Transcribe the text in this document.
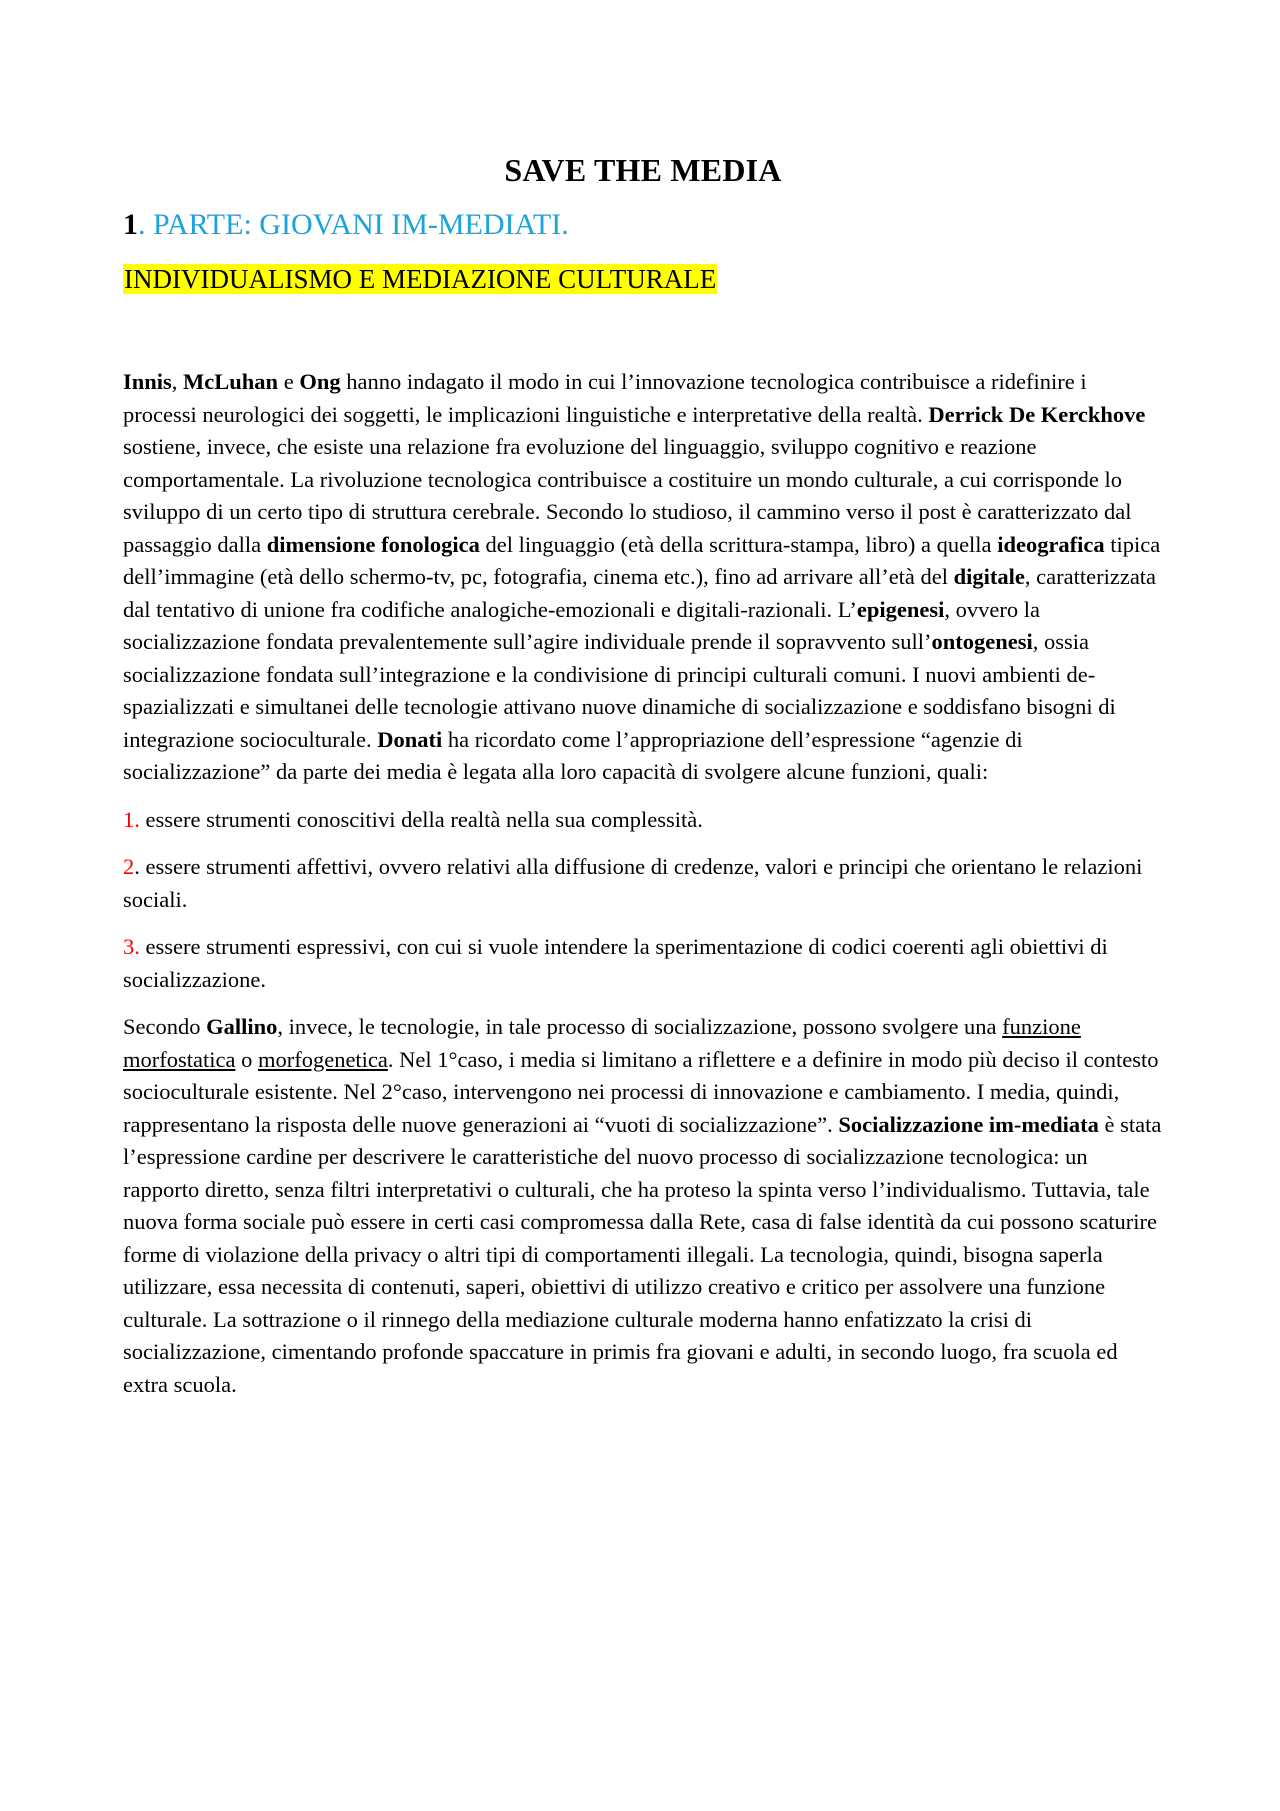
SAVE THE MEDIA
1. PARTE: GIOVANI IM-MEDIATI.
INDIVIDUALISMO E MEDIAZIONE CULTURALE

Innis, McLuhan e Ong hanno indagato il modo in cui l’innovazione tecnologica contribuisce a ridefinire i processi neurologici dei soggetti, le implicazioni linguistiche e interpretative della realtà. Derrick De Kerckhove sostiene, invece, che esiste una relazione fra evoluzione del linguaggio, sviluppo cognitivo e reazione comportamentale. La rivoluzione tecnologica contribuisce a costituire un mondo culturale, a cui corrisponde lo sviluppo di un certo tipo di struttura cerebrale. Secondo lo studioso, il cammino verso il post è caratterizzato dal passaggio dalla dimensione fonologica del linguaggio (età della scrittura-stampa, libro) a quella ideografica tipica dell’immagine (età dello schermo-tv, pc, fotografia, cinema etc.), fino ad arrivare all’età del digitale, caratterizzata dal tentativo di unione fra codifiche analogiche-emozionali e digitali-razionali. L’epigenesi, ovvero la socializzazione fondata prevalentemente sull’agire individuale prende il sopravvento sull’ontogenesi, ossia socializzazione fondata sull’integrazione e la condivisione di principi culturali comuni. I nuovi ambienti de-spazializzati e simultanei delle tecnologie attivano nuove dinamiche di socializzazione e soddisfano bisogni di integrazione socioculturale. Donati ha ricordato come l’appropriazione dell’espressione “agenzie di socializzazione” da parte dei media è legata alla loro capacità di svolgere alcune funzioni, quali:

1. essere strumenti conoscitivi della realtà nella sua complessità.

2. essere strumenti affettivi, ovvero relativi alla diffusione di credenze, valori e principi che orientano le relazioni sociali.

3. essere strumenti espressivi, con cui si vuole intendere la sperimentazione di codici coerenti agli obiettivi di socializzazione.

Secondo Gallino, invece, le tecnologie, in tale processo di socializzazione, possono svolgere una funzione morfostatica o morfogenetica. Nel 1°caso, i media si limitano a riflettere e a definire in modo più deciso il contesto socioculturale esistente. Nel 2°caso, intervengono nei processi di innovazione e cambiamento. I media, quindi, rappresentano la risposta delle nuove generazioni ai “vuoti di socializzazione”. Socializzazione im-mediata è stata l’espressione cardine per descrivere le caratteristiche del nuovo processo di socializzazione tecnologica: un rapporto diretto, senza filtri interpretativi o culturali, che ha proteso la spinta verso l’individualismo. Tuttavia, tale nuova forma sociale può essere in certi casi compromessa dalla Rete, casa di false identità da cui possono scaturire forme di violazione della privacy o altri tipi di comportamenti illegali. La tecnologia, quindi, bisogna saperla utilizzare, essa necessita di contenuti, saperi, obiettivi di utilizzo creativo e critico per assolvere una funzione culturale. La sottrazione o il rinnego della mediazione culturale moderna hanno enfatizzato la crisi di socializzazione, cimentando profonde spaccature in primis fra giovani e adulti, in secondo luogo, fra scuola ed extra scuola.
